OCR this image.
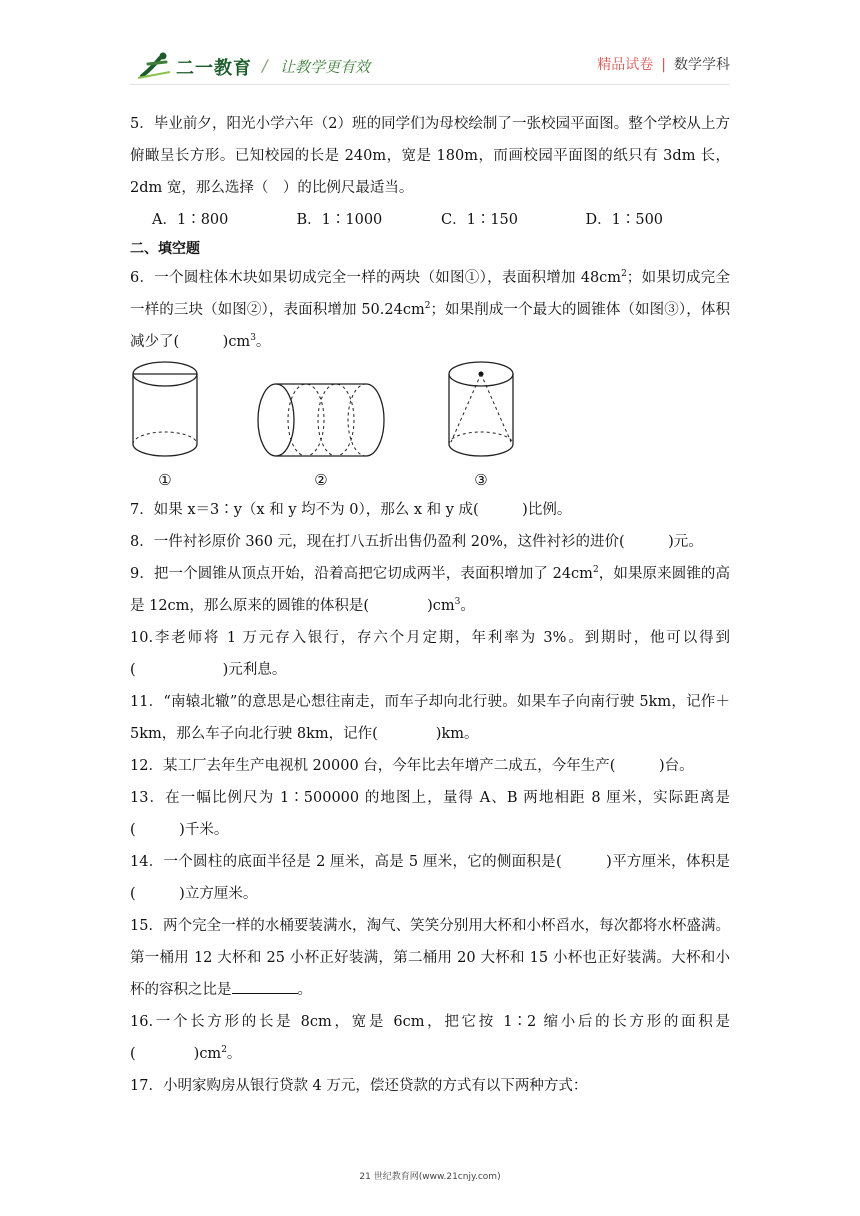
二一教育 / 让教学更有效	精品试卷 | 数学学科

5．毕业前夕，阳光小学六年（2）班的同学们为母校绘制了一张校园平面图。整个学校从上方俯瞰呈长方形。已知校园的长是 240m，宽是 180m，而画校园平面图的纸只有 3dm 长，2dm 宽，那么选择（　）的比例尺最适当。

A．1∶800	B．1∶1000	C．1∶150	D．1∶500

二、填空题

6．一个圆柱体木块如果切成完全一样的两块（如图①），表面积增加 $48cm^2$；如果切成完全一样的三块（如图②），表面积增加 $50.24cm^2$；如果削成一个最大的圆锥体（如图③），体积减少了(　　　)$cm^3$。

①	②	③

7．如果 x＝3∶y（x 和 y 均不为 0），那么 x 和 y 成(　　　)比例。

8．一件衬衫原价 360 元，现在打八五折出售仍盈利 20%，这件衬衫的进价(　　　)元。

9．把一个圆锥从顶点开始，沿着高把它切成两半，表面积增加了 $24cm^2$，如果原来圆锥的高是 12cm，那么原来的圆锥的体积是(　　　　)$cm^3$。

10.李老师将 1 万元存入银行，存六个月定期，年利率为 3%。到期时，他可以得到(　　　　　　)元利息。

11．“南辕北辙”的意思是心想往南走，而车子却向北行驶。如果车子向南行驶 5km，记作＋5km，那么车子向北行驶 8km，记作(　　　　)km。

12．某工厂去年生产电视机 20000 台，今年比去年增产二成五，今年生产(　　　)台。

13．在一幅比例尺为 1∶500000 的地图上，量得 A、B 两地相距 8 厘米，实际距离是(　　　)千米。

14．一个圆柱的底面半径是 2 厘米，高是 5 厘米，它的侧面积是(　　　)平方厘米，体积是(　　　)立方厘米。

15．两个完全一样的水桶要装满水，淘气、笑笑分别用大杯和小杯舀水，每次都将水杯盛满。第一桶用 12 大杯和 25 小杯正好装满，第二桶用 20 大杯和 15 小杯也正好装满。大杯和小杯的容积之比是	。

16.一个长方形的长是 8cm，宽是 6cm，把它按 1∶2 缩小后的长方形的面积是(　　　　)$cm^2$。

17．小明家购房从银行贷款 4 万元，偿还贷款的方式有以下两种方式：

21 世纪教育网(www.21cnjy.com)
